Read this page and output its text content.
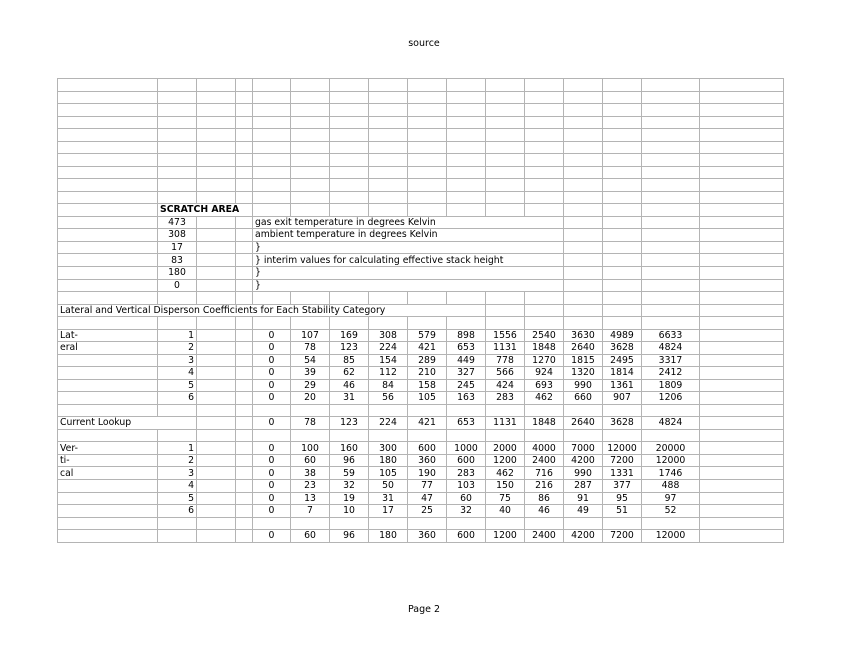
source

	SCRATCH AREA														
	473			gas exit temperature in degrees Kelvin											
	308			ambient temperature in degrees Kelvin											
	17			}											
	83			} interim values for calculating effective stack height											
	180			}											
	0			}											

Lateral and Vertical Disperson Coefficients for Each Stability Category															

Lat-	1			0	107	169	308	579	898	1556	2540	3630	4989	6633	
eral	2			0	78	123	224	421	653	1131	1848	2640	3628	4824	
	3			0	54	85	154	289	449	778	1270	1815	2495	3317	
	4			0	39	62	112	210	327	566	924	1320	1814	2412	
	5			0	29	46	84	158	245	424	693	990	1361	1809	
	6			0	20	31	56	105	163	283	462	660	907	1206	

Current Lookup				0	78	123	224	421	653	1131	1848	2640	3628	4824	

Ver-	1			0	100	160	300	600	1000	2000	4000	7000	12000	20000	
ti-	2			0	60	96	180	360	600	1200	2400	4200	7200	12000	
cal	3			0	38	59	105	190	283	462	716	990	1331	1746	
	4			0	23	32	50	77	103	150	216	287	377	488	
	5			0	13	19	31	47	60	75	86	91	95	97	
	6			0	7	10	17	25	32	40	46	49	51	52	

				0	60	96	180	360	600	1200	2400	4200	7200	12000	
Page 2
